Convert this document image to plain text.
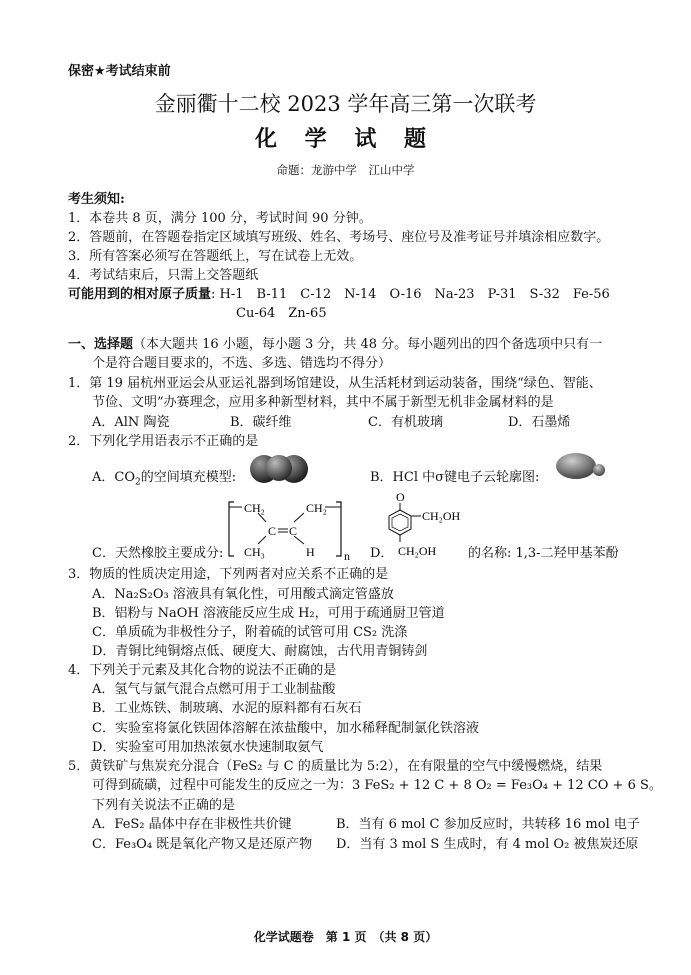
保密★考试结束前
金丽衢十二校 2023 学年高三第一次联考
化 学 试 题
命题：龙游中学　江山中学
考生须知:
1．本卷共 8 页，满分 100 分，考试时间 90 分钟。
2．答题前，在答题卷指定区域填写班级、姓名、考场号、座位号及准考证号并填涂相应数字。
3．所有答案必须写在答题纸上，写在试卷上无效。
4．考试结束后，只需上交答题纸
可能用到的相对原子质量: H-1　B-11　C-12　N-14　O-16　Na-23　P-31　S-32　Fe-56
Cu-64　Zn-65
一、选择题（本大题共 16 小题，每小题 3 分，共 48 分。每小题列出的四个备选项中只有一
个是符合题目要求的，不选、多选、错选均不得分）
1．第 19 届杭州亚运会从亚运礼器到场馆建设，从生活耗材到运动装备，围绕“绿色、智能、
节俭、文明”办赛理念，应用多种新型材料，其中不属于新型无机非金属材料的是
A．AlN 陶瓷	B．碳纤维	C．有机玻璃	D．石墨烯
2．下列化学用语表示不正确的是
A．$CO_2$的空间填充模型:	B．HCl 中σ键电子云轮廓图:
C．天然橡胶主要成分:
CH₂	CH₂
C C
CH₃	H n D．
O
CH₂OH
CH₂OH 的名称: 1,3-二羟甲基苯酚
3．物质的性质决定用途，下列两者对应关系不正确的是
A．Na₂S₂O₃ 溶液具有氧化性，可用酸式滴定管盛放
B．铝粉与 NaOH 溶液能反应生成 H₂，可用于疏通厨卫管道
C．单质硫为非极性分子，附着硫的试管可用 CS₂ 洗涤
D．青铜比纯铜熔点低、硬度大、耐腐蚀，古代用青铜铸剑
4．下列关于元素及其化合物的说法不正确的是
A．氢气与氯气混合点燃可用于工业制盐酸
B．工业炼铁、制玻璃、水泥的原料都有石灰石
C．实验室将氯化铁固体溶解在浓盐酸中，加水稀释配制氯化铁溶液
D．实验室可用加热浓氨水快速制取氨气
5．黄铁矿与焦炭充分混合（FeS₂ 与 C 的质量比为 5:2），在有限量的空气中缓慢燃烧，结果
可得到硫磺，过程中可能发生的反应之一为：3 FeS₂ + 12 C + 8 O₂ = Fe₃O₄ + 12 CO + 6 S。
下列有关说法不正确的是
A．FeS₂ 晶体中存在非极性共价键	B．当有 6 mol C 参加反应时，共转移 16 mol 电子
C．Fe₃O₄ 既是氧化产物又是还原产物 D．当有 3 mol S 生成时，有 4 mol O₂ 被焦炭还原
化学试题卷　第 1 页　（共 8 页）
